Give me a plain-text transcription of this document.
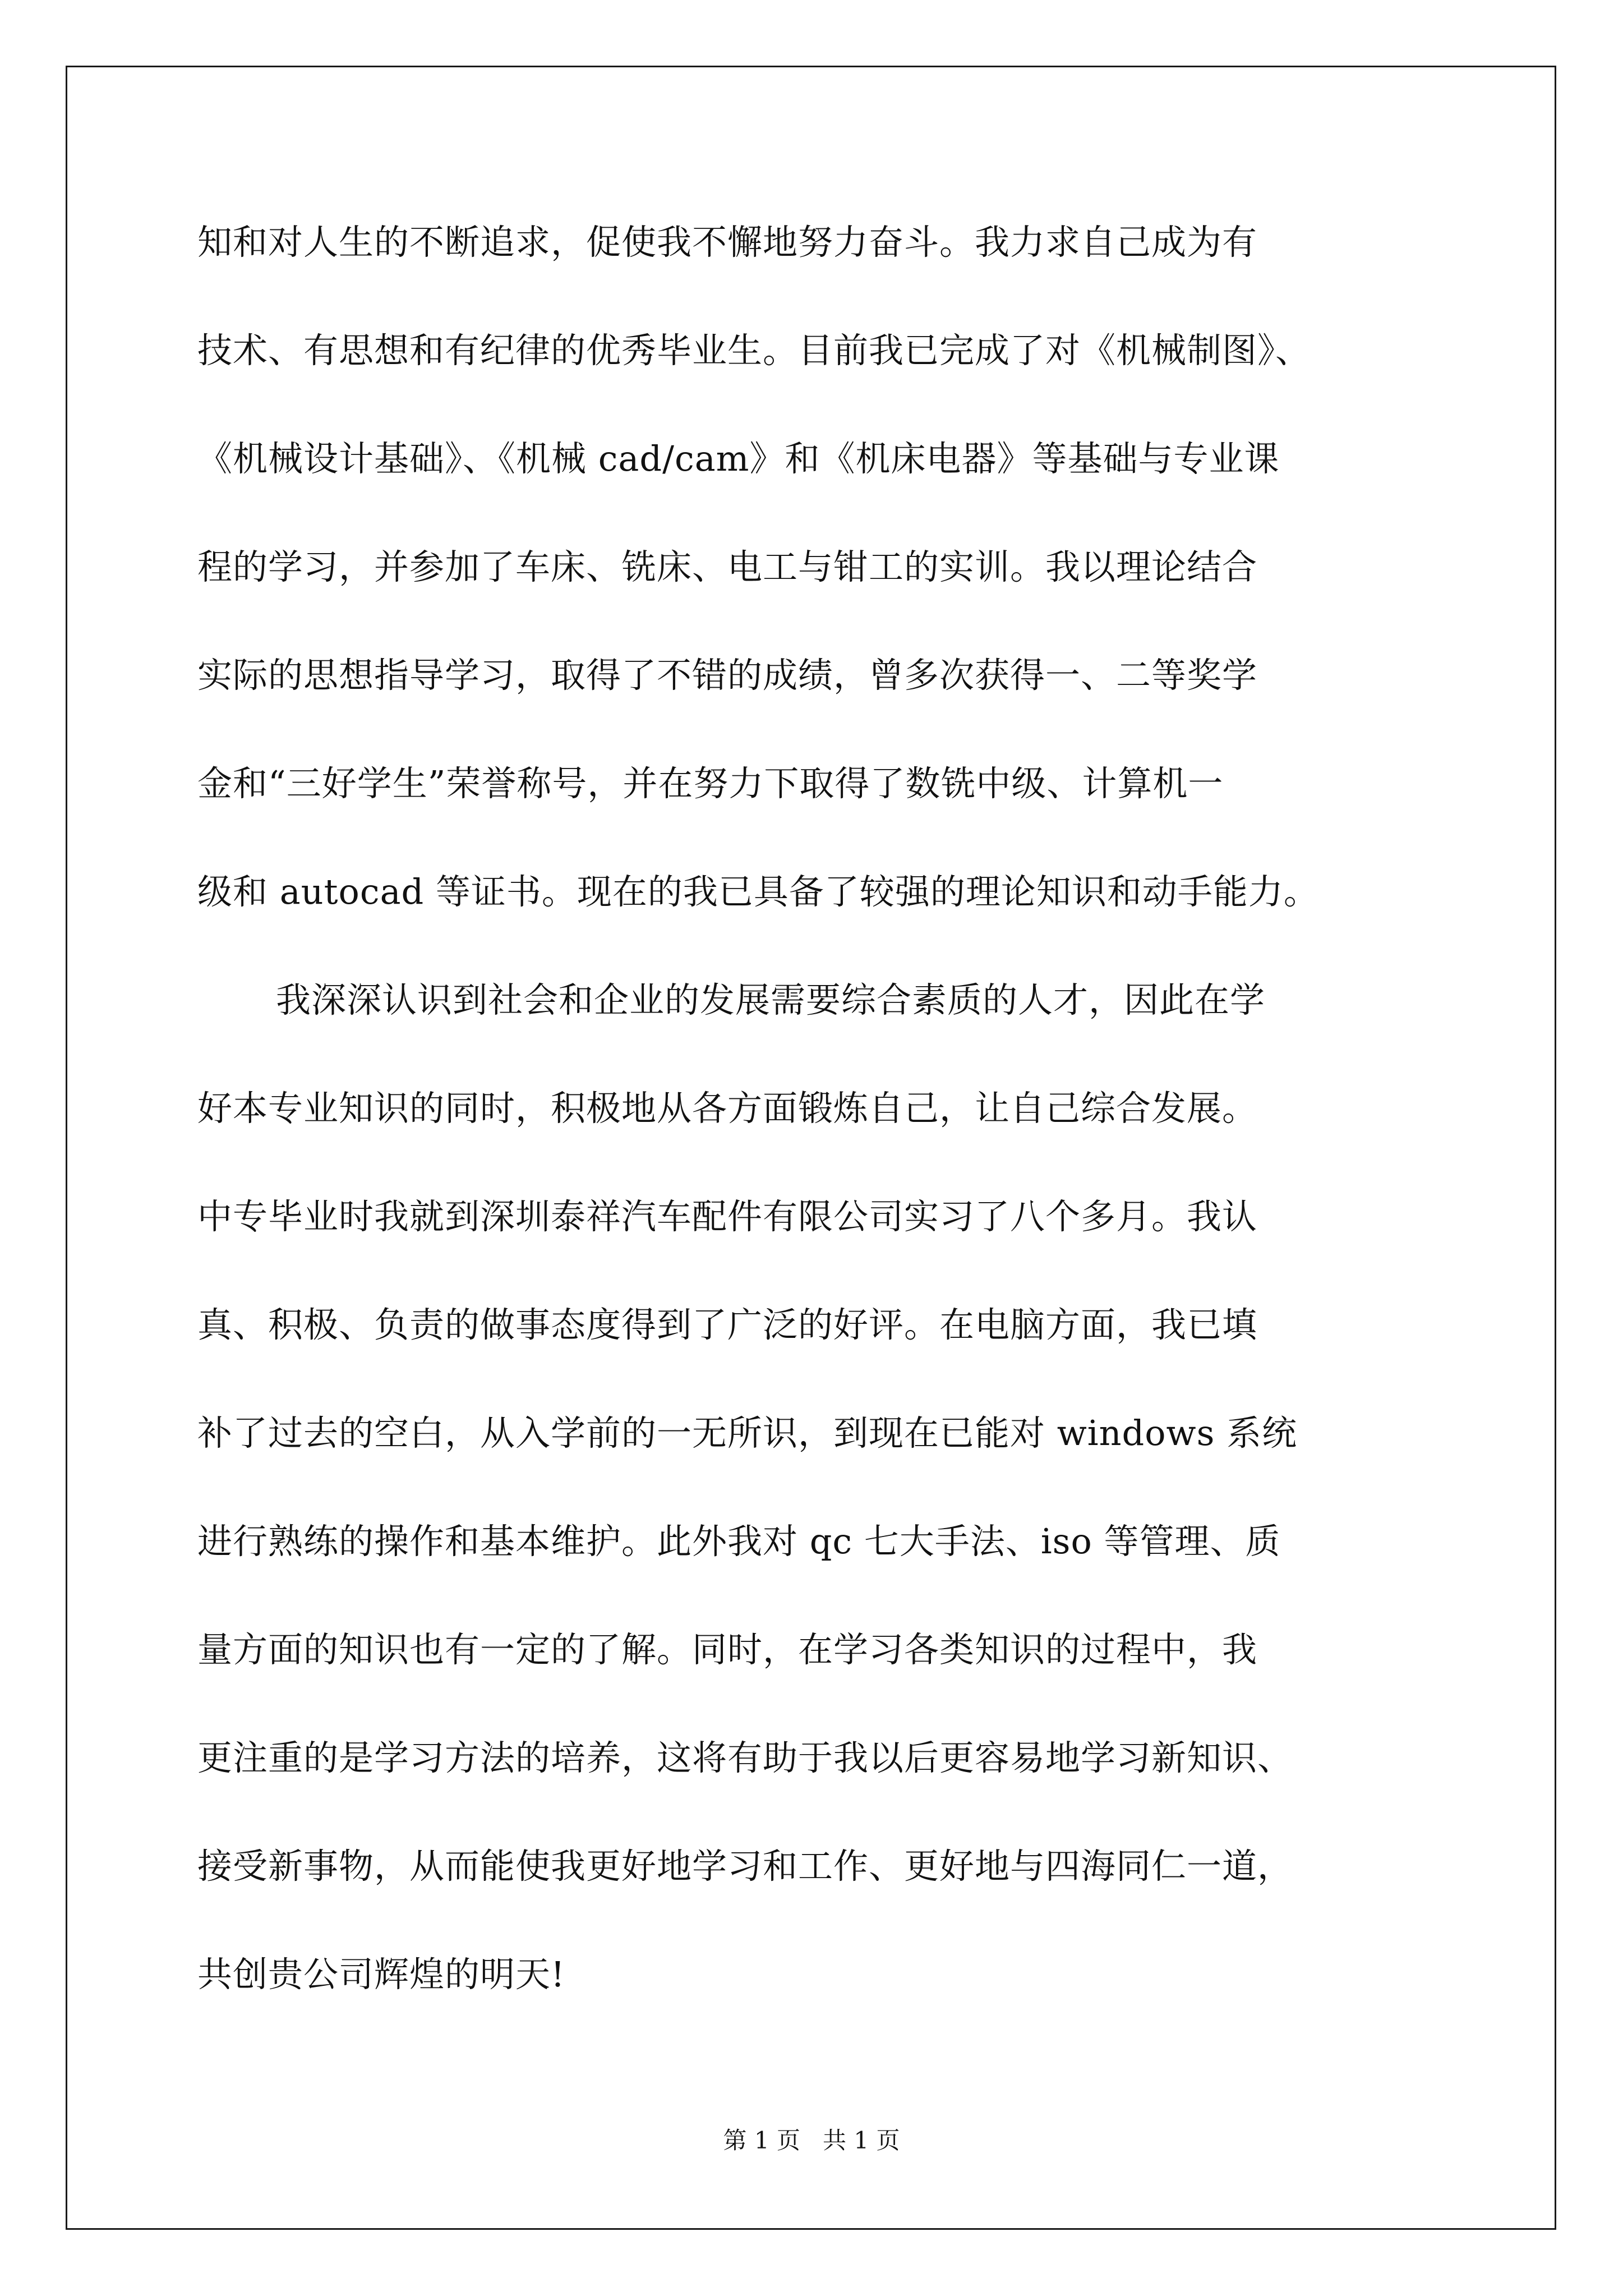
知和对人生的不断追求，促使我不懈地努力奋斗。我力求自己成为有
技术、有思想和有纪律的优秀毕业生。目前我已完成了对《机械制图》、
《机械设计基础》、《机械 cad/cam》和《机床电器》等基础与专业课
程的学习，并参加了车床、铣床、电工与钳工的实训。我以理论结合
实际的思想指导学习，取得了不错的成绩，曾多次获得一、二等奖学
金和“三好学生”荣誉称号，并在努力下取得了数铣中级、计算机一
级和 autocad 等证书。现在的我已具备了较强的理论知识和动手能力。
我深深认识到社会和企业的发展需要综合素质的人才，因此在学
好本专业知识的同时，积极地从各方面锻炼自己，让自己综合发展。
中专毕业时我就到深圳泰祥汽车配件有限公司实习了八个多月。我认
真、积极、负责的做事态度得到了广泛的好评。在电脑方面，我已填
补了过去的空白，从入学前的一无所识，到现在已能对 windows 系统
进行熟练的操作和基本维护。此外我对 qc 七大手法、iso 等管理、质
量方面的知识也有一定的了解。同时，在学习各类知识的过程中，我
更注重的是学习方法的培养，这将有助于我以后更容易地学习新知识、
接受新事物，从而能使我更好地学习和工作、更好地与四海同仁一道，
共创贵公司辉煌的明天!
第 1 页   共 1 页
